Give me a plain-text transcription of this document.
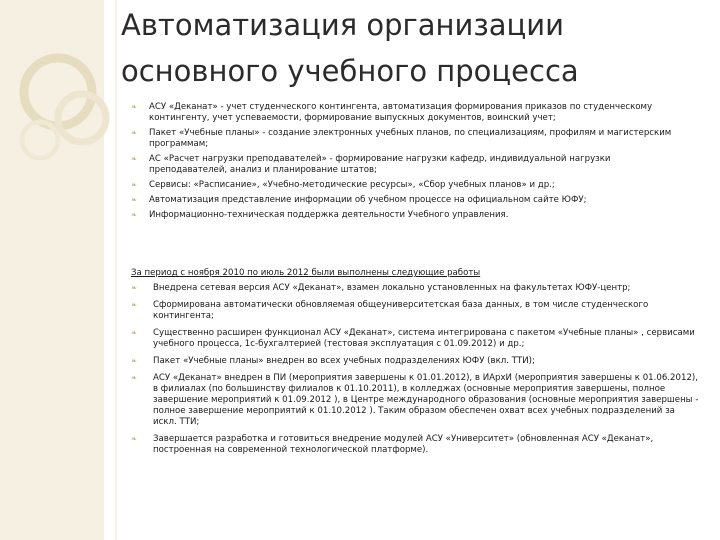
Автоматизация организации
основного учебного процесса
❧ АСУ «Деканат» - учет студенческого контингента, автоматизация формирования приказов по студенческому контингенту, учет успеваемости, формирование выпускных документов, воинский учет;
❧ Пакет «Учебные планы» - создание электронных учебных планов, по специализациям, профилям и магистерским программам;
❧ АС «Расчет нагрузки преподавателей» - формирование нагрузки кафедр, индивидуальной нагрузки преподавателей, анализ и планирование штатов;
❧ Сервисы: «Расписание», «Учебно-методические ресурсы», «Сбор учебных планов» и др.;
❧ Автоматизация представление информации об учебном процессе на официальном сайте ЮФУ;
❧ Информационно-техническая поддержка деятельности Учебного управления.
За период с ноября 2010 по июль 2012 были выполнены следующие работы
❧ Внедрена сетевая версия АСУ «Деканат», взамен локально установленных на факультетах ЮФУ-центр;
❧ Сформирована автоматически обновляемая общеуниверситетская база данных, в том числе студенческого контингента;
❧ Существенно расширен функционал АСУ «Деканат», система интегрирована с пакетом «Учебные планы» , сервисами учебного процесса, 1с-бухгалтерией (тестовая эксплуатация с 01.09.2012) и др.;
❧ Пакет «Учебные планы» внедрен во всех учебных подразделениях ЮФУ (вкл. ТТИ);
❧ АСУ «Деканат» внедрен в ПИ (мероприятия завершены к 01.01.2012), в ИАрхИ (мероприятия завершены к 01.06.2012), в филиалах (по большинству филиалов к 01.10.2011), в колледжах (основные мероприятия завершены, полное завершение мероприятий к 01.09.2012 ), в Центре международного образования (основные мероприятия завершены - полное завершение мероприятий к 01.10.2012 ). Таким образом обеспечен охват всех учебных подразделений за искл. ТТИ;
❧ Завершается разработка и готовиться внедрение модулей АСУ «Университет» (обновленная АСУ «Деканат», построенная на современной технологической платформе).
